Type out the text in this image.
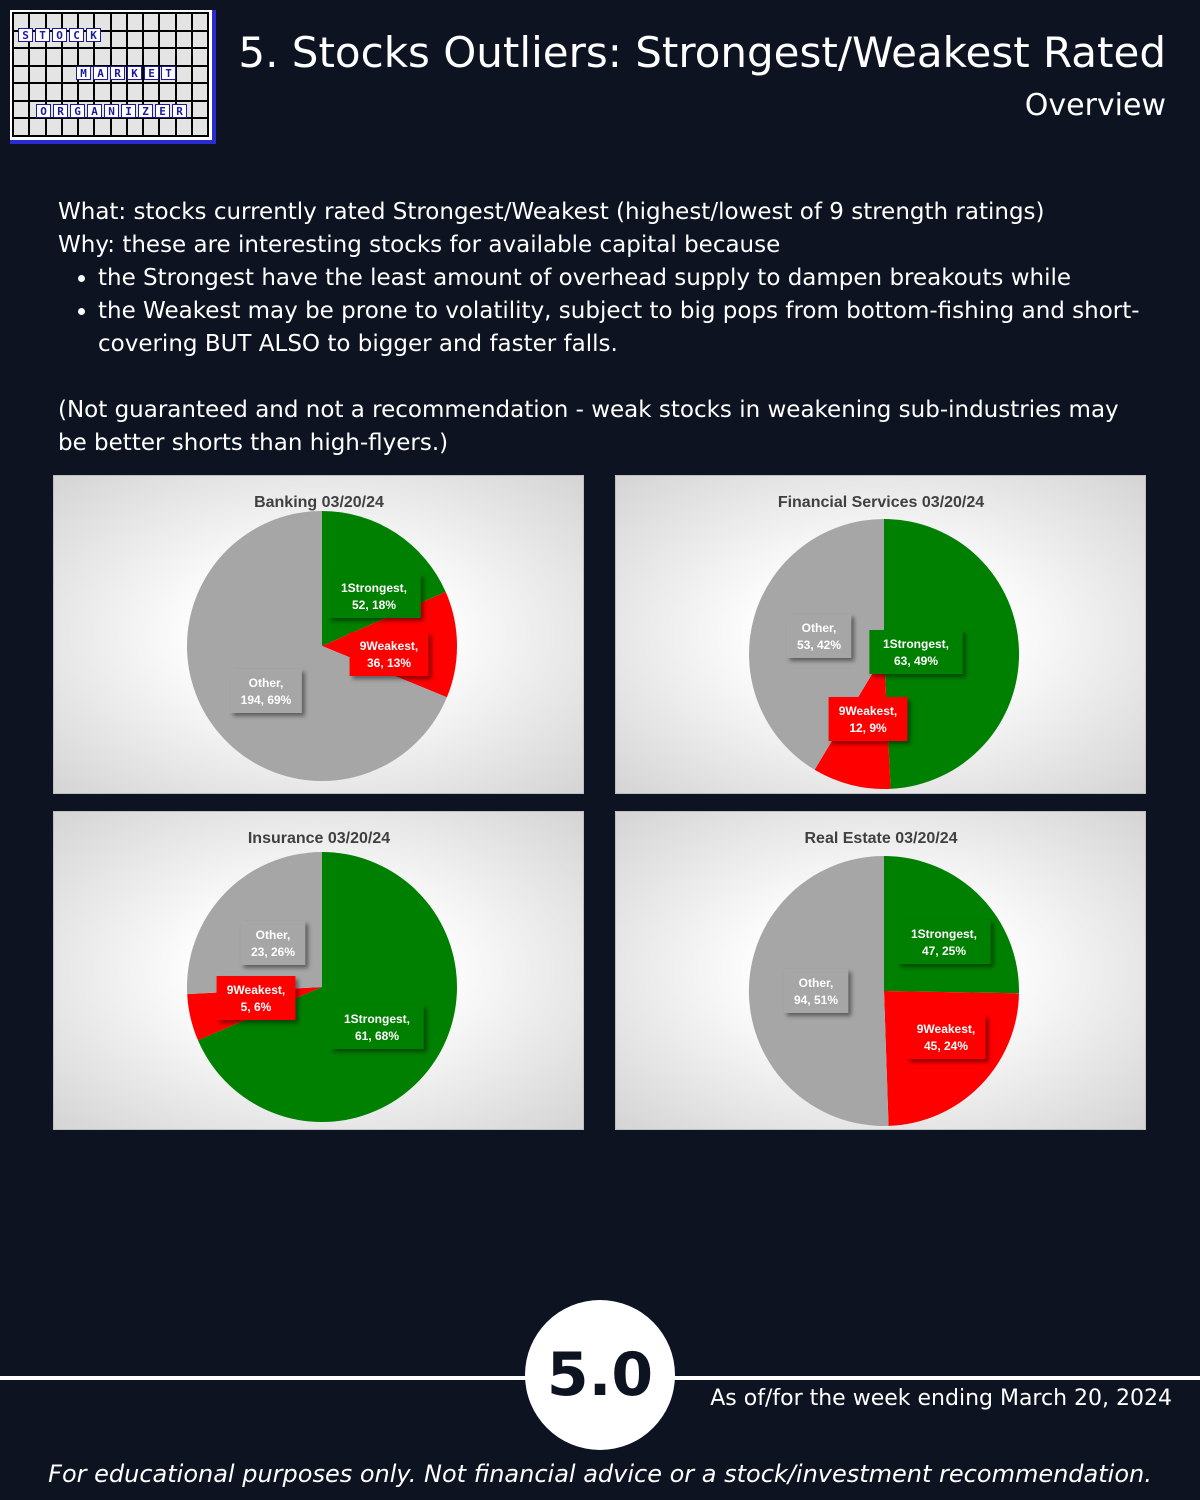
S T O C K
M A R K E T
O R G A N I Z E R
5. Stocks Outliers: Strongest/Weakest Rated
Overview

What: stocks currently rated Strongest/Weakest (highest/lowest of 9 strength ratings)

Why: these are interesting stocks for available capital because

• the Strongest have the least amount of overhead supply to dampen breakouts while
• the Weakest may be prone to volatility, subject to big pops from bottom-fishing and short-covering BUT ALSO to bigger and faster falls.

(Not guaranteed and not a recommendation - weak stocks in weakening sub-industries may be better shorts than high-flyers.)

Banking 03/20/24
1Strongest, 52, 18%
9Weakest, 36, 13%
Other, 194, 69%
Financial Services 03/20/24
1Strongest, 63, 49%
9Weakest, 12, 9%
Other, 53, 42%
Insurance 03/20/24
1Strongest, 61, 68%
9Weakest, 5, 6%
Other, 23, 26%
Real Estate 03/20/24
1Strongest, 47, 25%
9Weakest, 45, 24%
Other, 94, 51%
5.0	As of/for the week ending March 20, 2024
For educational purposes only. Not financial advice or a stock/investment recommendation.
